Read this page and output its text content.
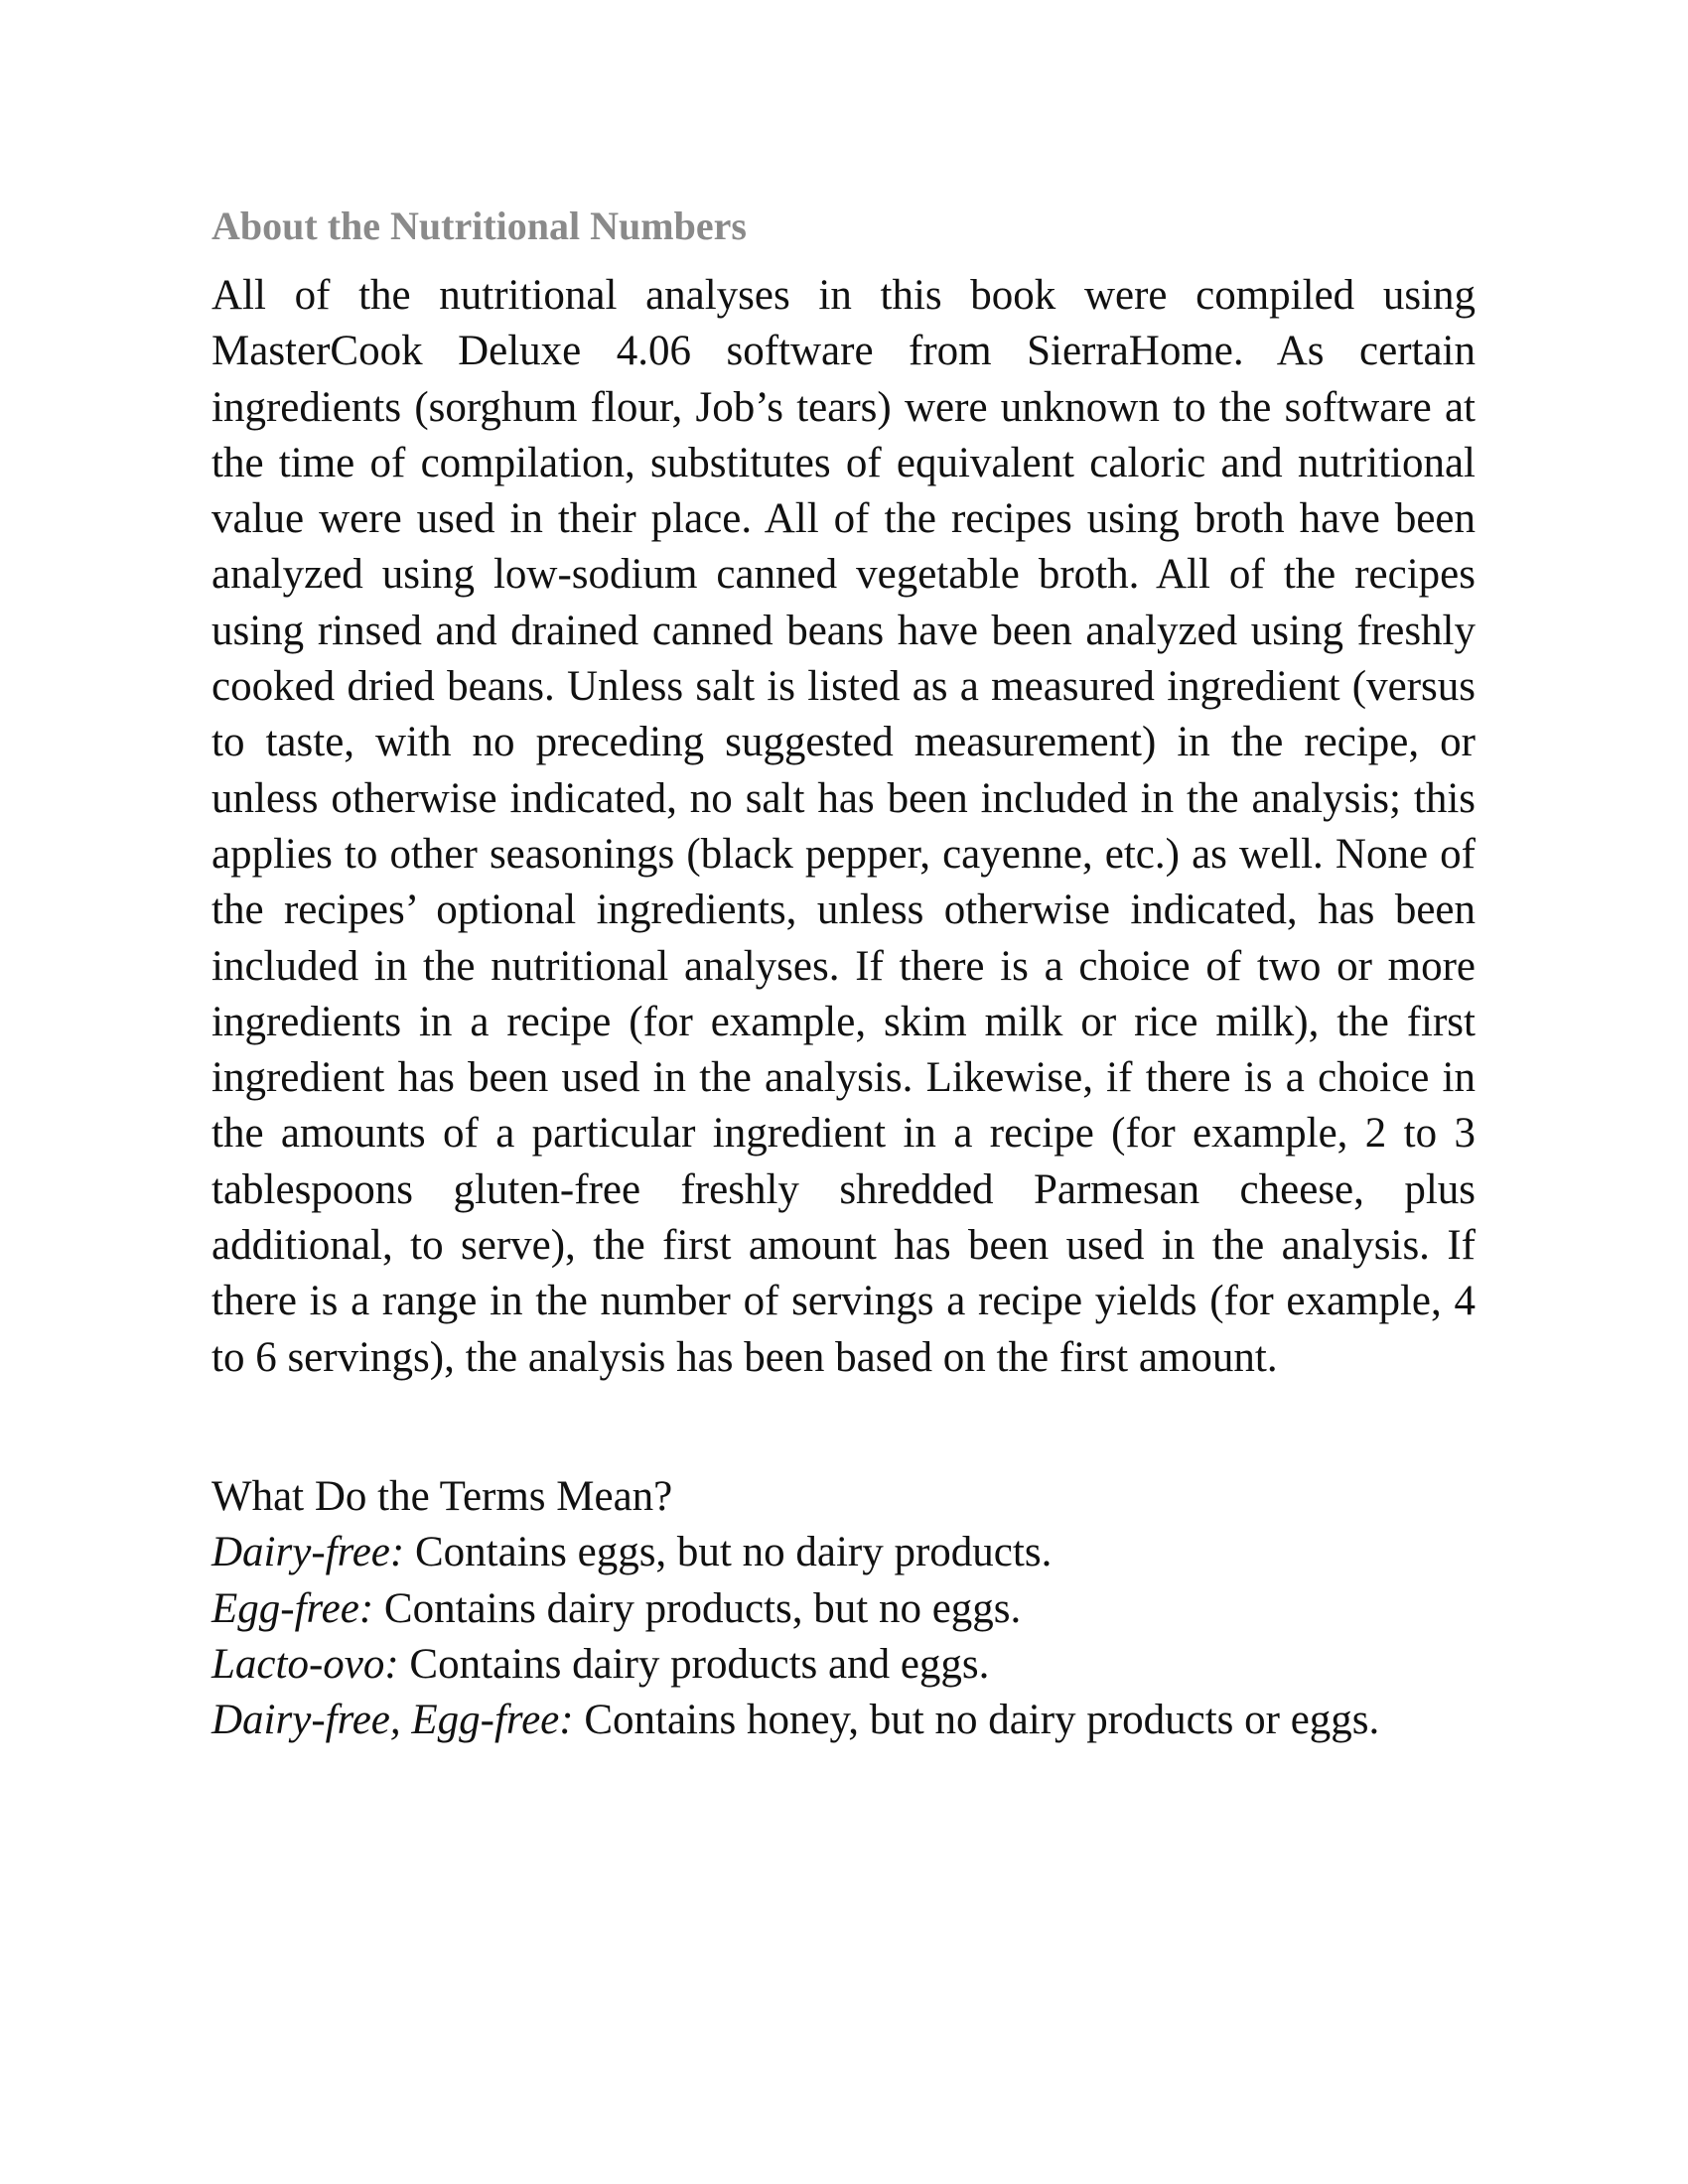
About the Nutritional Numbers

All of the nutritional analyses in this book were compiled using MasterCook Deluxe 4.06 software from SierraHome. As certain ingredients (sorghum flour, Job’s tears) were unknown to the software at the time of compilation, substitutes of equivalent caloric and nutritional value were used in their place. All of the recipes using broth have been analyzed using low-sodium canned vegetable broth. All of the recipes using rinsed and drained canned beans have been analyzed using freshly cooked dried beans. Unless salt is listed as a measured ingredient (versus to taste, with no preceding suggested measurement) in the recipe, or unless otherwise indicated, no salt has been included in the analysis; this applies to other seasonings (black pepper, cayenne, etc.) as well. None of the recipes’ optional ingredients, unless otherwise indicated, has been included in the nutritional analyses. If there is a choice of two or more ingredients in a recipe (for example, skim milk or rice milk), the first ingredient has been used in the analysis. Likewise, if there is a choice in the amounts of a particular ingredient in a recipe (for example, 2 to 3 tablespoons gluten-free freshly shredded Parmesan cheese, plus additional, to serve), the first amount has been used in the analysis. If there is a range in the number of servings a recipe yields (for example, 4 to 6 servings), the analysis has been based on the first amount.

What Do the Terms Mean?

Dairy-free: Contains eggs, but no dairy products.

Egg-free: Contains dairy products, but no eggs.

Lacto-ovo: Contains dairy products and eggs.

Dairy-free, Egg-free: Contains honey, but no dairy products or eggs.
